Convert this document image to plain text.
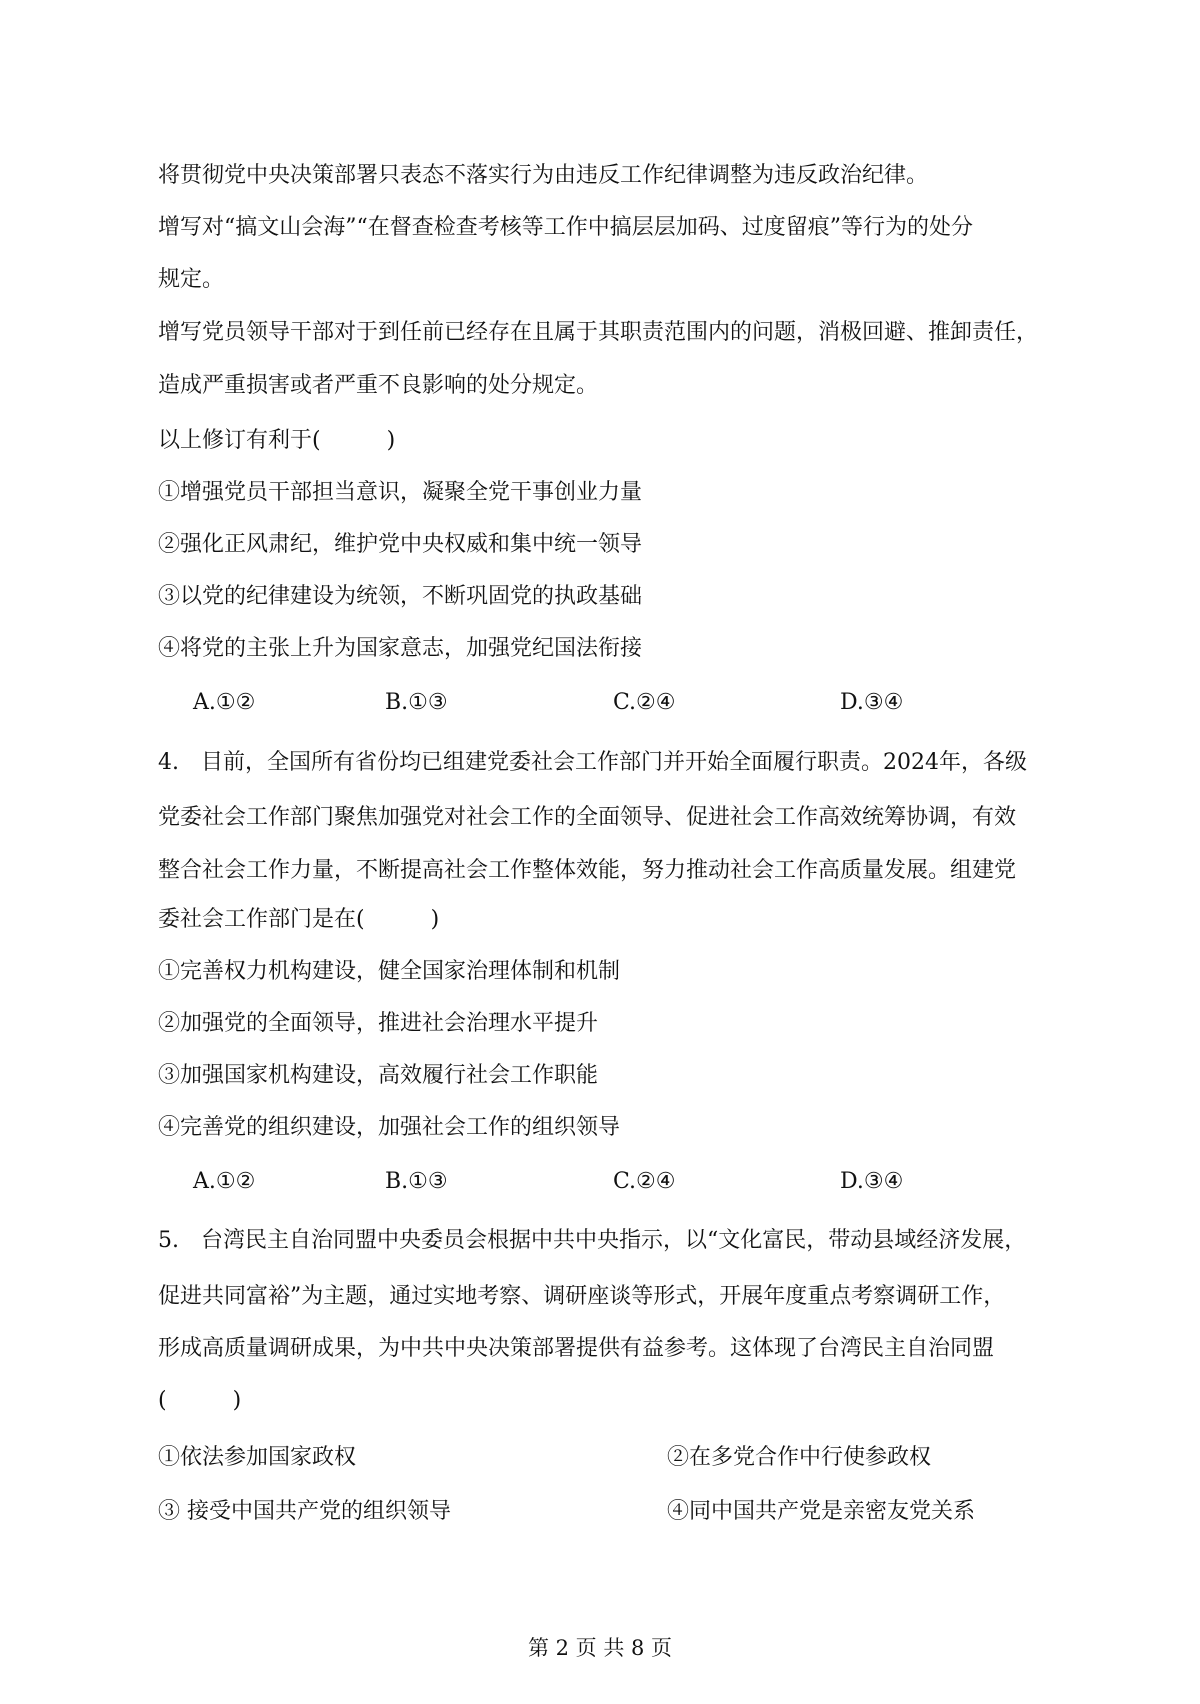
将贯彻党中央决策部署只表态不落实行为由违反工作纪律调整为违反政治纪律。
增写对“搞文山会海”“在督查检查考核等工作中搞层层加码、过度留痕”等行为的处分
规定。
增写党员领导干部对于到任前已经存在且属于其职责范围内的问题，消极回避、推卸责任，
造成严重损害或者严重不良影响的处分规定。
以上修订有利于(　　　)
①增强党员干部担当意识，凝聚全党干事创业力量
②强化正风肃纪，维护党中央权威和集中统一领导
③以党的纪律建设为统领，不断巩固党的执政基础
④将党的主张上升为国家意志，加强党纪国法衔接
A.①②	B.①③	C.②④	D.③④
4.　目前，全国所有省份均已组建党委社会工作部门并开始全面履行职责。2024年，各级
党委社会工作部门聚焦加强党对社会工作的全面领导、促进社会工作高效统筹协调，有效
整合社会工作力量，不断提高社会工作整体效能，努力推动社会工作高质量发展。组建党
委社会工作部门是在(　　　)
①完善权力机构建设，健全国家治理体制和机制
②加强党的全面领导，推进社会治理水平提升
③加强国家机构建设，高效履行社会工作职能
④完善党的组织建设，加强社会工作的组织领导
A.①②	B.①③	C.②④	D.③④
5.　台湾民主自治同盟中央委员会根据中共中央指示，以“文化富民，带动县域经济发展，
促进共同富裕”为主题，通过实地考察、调研座谈等形式，开展年度重点考察调研工作，
形成高质量调研成果，为中共中央决策部署提供有益参考。这体现了台湾民主自治同盟
(　　　)
①依法参加国家政权	②在多党合作中行使参政权
③ 接受中国共产党的组织领导	④同中国共产党是亲密友党关系
第 2 页 共 8 页
